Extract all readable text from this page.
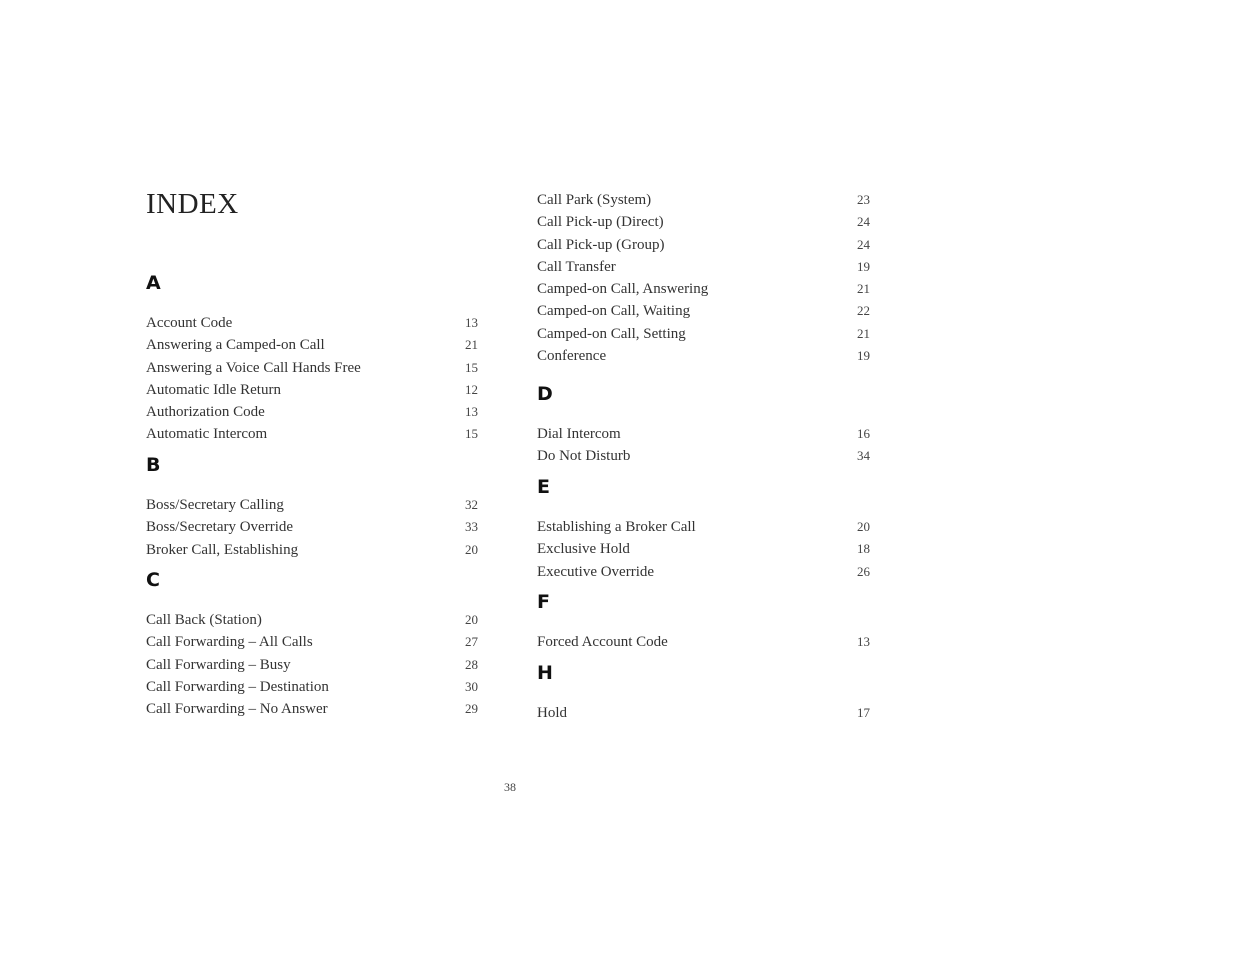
INDEX
A
Account Code	13
Answering a Camped-on Call	21
Answering a Voice Call Hands Free	15
Automatic Idle Return	12
Authorization Code	13
Automatic Intercom	15
B
Boss/Secretary Calling	32
Boss/Secretary Override	33
Broker Call, Establishing	20
C
Call Back (Station)	20
Call Forwarding – All Calls	27
Call Forwarding – Busy	28
Call Forwarding – Destination	30
Call Forwarding – No Answer	29
Call Park (System)	23
Call Pick-up (Direct)	24
Call Pick-up (Group)	24
Call Transfer	19
Camped-on Call, Answering	21
Camped-on Call, Waiting	22
Camped-on Call, Setting	21
Conference	19
D
Dial Intercom	16
Do Not Disturb	34
E
Establishing a Broker Call	20
Exclusive Hold	18
Executive Override	26
F
Forced Account Code	13
H
Hold	17
38
